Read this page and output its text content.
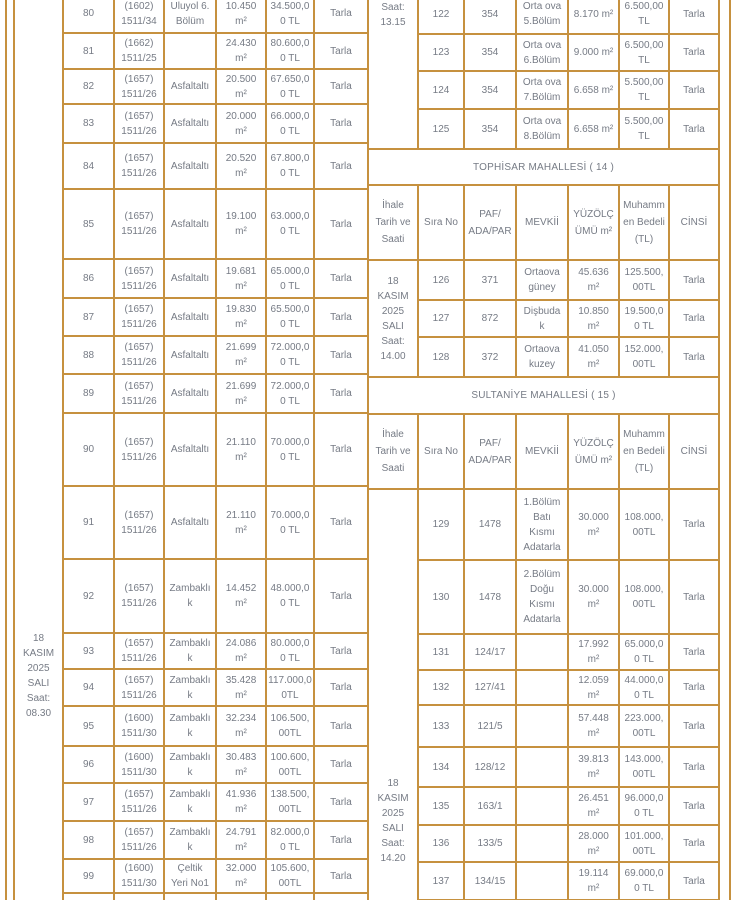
18 KASIM 2025 SALI Saat: 08.30	80	(1602) 1511/34	Uluyol 6. Bölüm	10.450 m²	34.500,00 TL	Tarla
	81	(1662) 1511/25		24.430 m²	80.600,00 TL	Tarla
	82	(1657) 1511/26	Asfaltaltı	20.500 m²	67.650,00 TL	Tarla
	83	(1657) 1511/26	Asfaltaltı	20.000 m²	66.000,00 TL	Tarla
	84	(1657) 1511/26	Asfaltaltı	20.520 m²	67.800,00 TL	Tarla
	85	(1657) 1511/26	Asfaltaltı	19.100 m²	63.000,00 TL	Tarla
	86	(1657) 1511/26	Asfaltaltı	19.681 m²	65.000,00 TL	Tarla
	87	(1657) 1511/26	Asfaltaltı	19.830 m²	65.500,00 TL	Tarla
	88	(1657) 1511/26	Asfaltaltı	21.699 m²	72.000,00 TL	Tarla
	89	(1657) 1511/26	Asfaltaltı	21.699 m²	72.000,00 TL	Tarla
	90	(1657) 1511/26	Asfaltaltı	21.110 m²	70.000,00 TL	Tarla
	91	(1657) 1511/26	Asfaltaltı	21.110 m²	70.000,00 TL	Tarla
	92	(1657) 1511/26	Zambaklık	14.452 m²	48.000,00 TL	Tarla
	93	(1657) 1511/26	Zambaklık	24.086 m²	80.000,00 TL	Tarla
	94	(1657) 1511/26	Zambaklık	35.428 m²	117.000,00TL	Tarla
	95	(1600) 1511/30	Zambaklık	32.234 m²	106.500,00TL	Tarla
	96	(1600) 1511/30	Zambaklık	30.483 m²	100.600,00TL	Tarla
	97	(1657) 1511/26	Zambaklık	41.936 m²	138.500,00TL	Tarla
	98	(1657) 1511/26	Zambaklık	24.791 m²	82.000,00 TL	Tarla
	99	(1600) 1511/30	Çeltik Yeri No1	32.000 m²	105.600,00TL	Tarla

Saat: 13.15	122	354	Orta ova 5.Bölüm	8.170 m²	6.500,00 TL	Tarla
	123	354	Orta ova 6.Bölüm	9.000 m²	6.500,00 TL	Tarla
	124	354	Orta ova 7.Bölüm	6.658 m²	5.500,00 TL	Tarla
	125	354	Orta ova 8.Bölüm	6.658 m²	5.500,00 TL	Tarla
TOPHİSAR MAHALLESİ ( 14 )						
İhale Tarih ve Saati	Sıra No	PAF/ ADA/PAR	MEVKİİ	YÜZÖLÇÜMÜ m²	Muhammen Bedeli (TL)	CİNSİ
18 KASIM 2025 SALI Saat: 14.00	126	371	Ortaova güney	45.636 m²	125.500,00TL	Tarla
	127	872	Dişbudak	10.850 m²	19.500,00 TL	Tarla
	128	372	Ortaova kuzey	41.050 m²	152.000,00TL	Tarla
SULTANİYE MAHALLESİ ( 15 )						
İhale Tarih ve Saati	Sıra No	PAF/ ADA/PAR	MEVKİİ	YÜZÖLÇÜMÜ m²	Muhammen Bedeli (TL)	CİNSİ

18 KASIM 2025 SALI Saat: 14.20	129	1478	1.Bölüm Batı Kısmı Adatarla	30.000 m²	108.000,00TL	Tarla
	130	1478	2.Bölüm Doğu Kısmı Adatarla	30.000 m²	108.000,00TL	Tarla
	131	124/17		17.992 m²	65.000,00 TL	Tarla
	132	127/41		12.059 m²	44.000,00 TL	Tarla
	133	121/5		57.448 m²	223.000,00TL	Tarla
	134	128/12		39.813 m²	143.000,00TL	Tarla
	135	163/1		26.451 m²	96.000,00 TL	Tarla
	136	133/5		28.000 m²	101.000,00TL	Tarla
	137	134/15		19.114 m²	69.000,00 TL	Tarla
